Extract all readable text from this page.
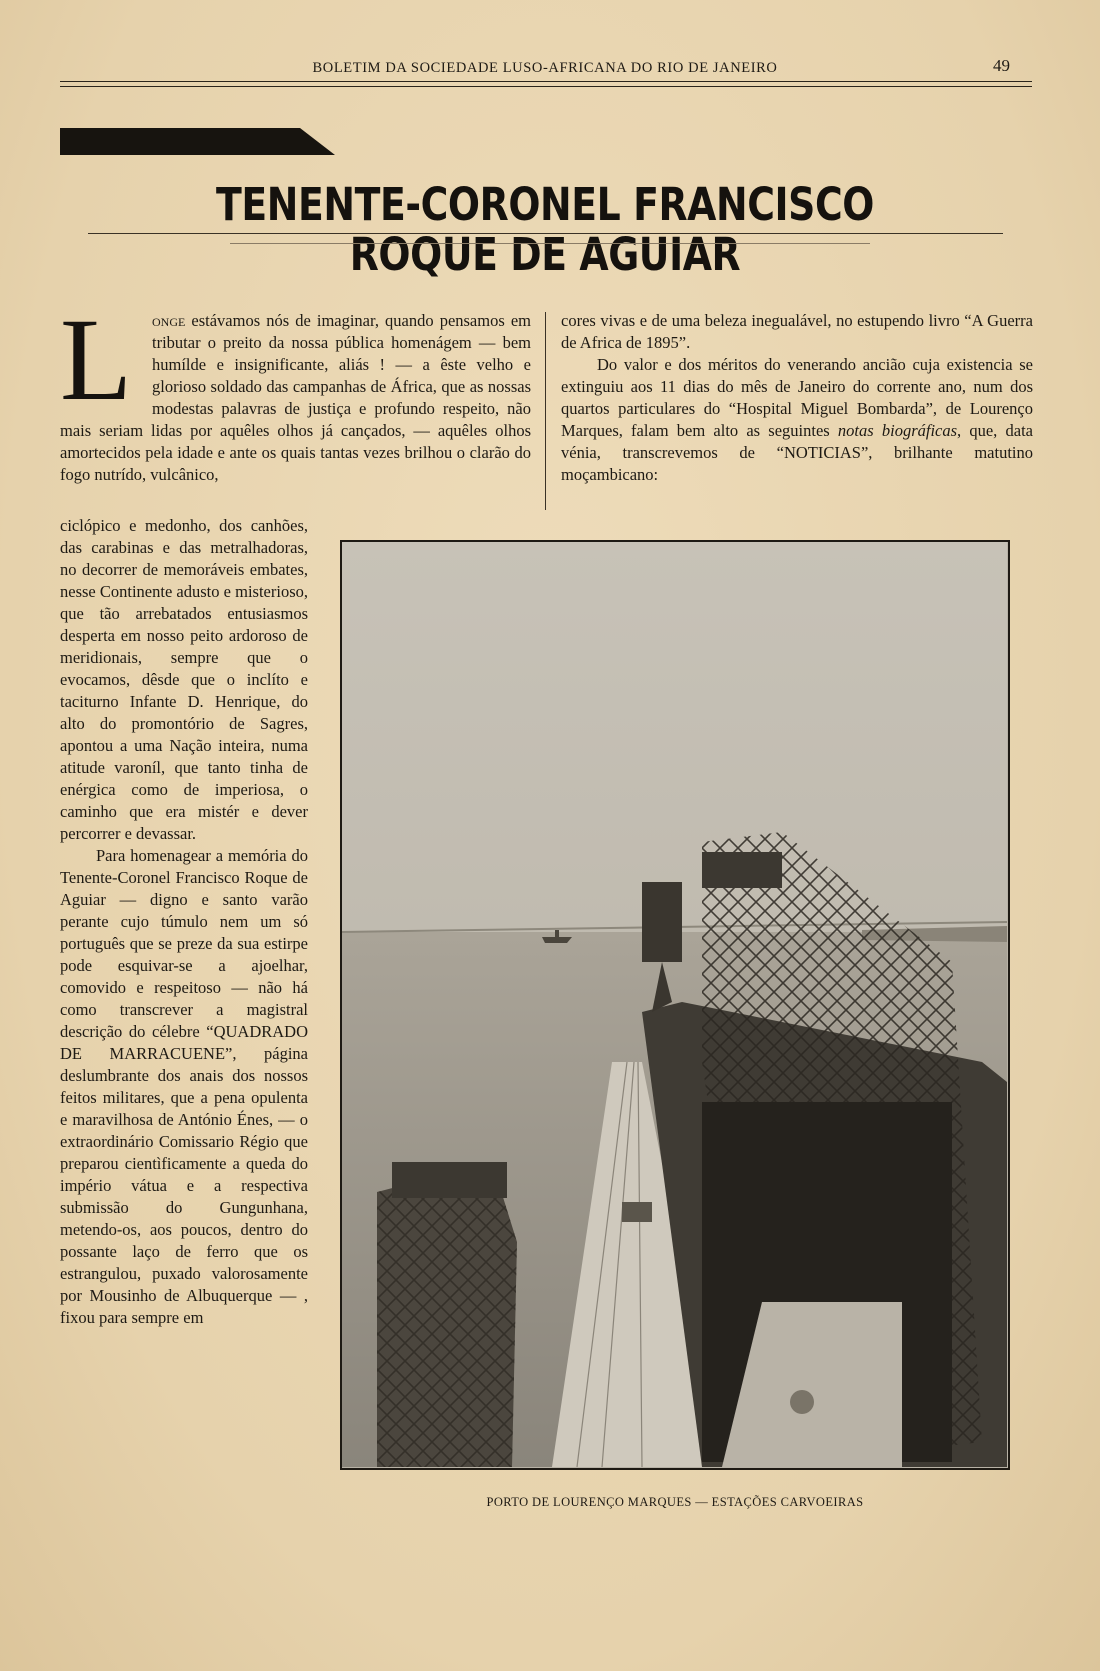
BOLETIM DA SOCIEDADE LUSO-AFRICANA DO RIO DE JANEIRO	49
TENENTE-CORONEL FRANCISCO ROQUE DE AGUIAR
L	onge estávamos nós de imaginar, quando pensamos em tributar o preito da nossa pública homenágem — bem humílde e insignificante, aliás ! — a êste velho e glorioso soldado das campanhas de África, que as nossas modestas palavras de justiça e profundo respeito, não mais seriam lidas por aquêles olhos já cançados, — aquêles olhos amortecidos pela idade e ante os quais tantas vezes brilhou o clarão do fogo nutrído, vulcânico,

cores vivas e de uma beleza inegualável, no estupendo livro “A Guerra de Africa de 1895”.

Do valor e dos méritos do venerando ancião cuja existencia se extinguiu aos 11 dias do mês de Janeiro do corrente ano, num dos quartos particulares do “Hospital Miguel Bombarda”, de Lourenço Marques, falam bem alto as seguintes notas biográficas, que, data vénia, transcrevemos de “NOTICIAS”, brilhante matutino moçambicano:

ciclópico e medonho, dos canhões, das carabinas e das metralhadoras, no decorrer de memoráveis embates, nesse Continente adusto e misterioso, que tão arrebatados entusiasmos desperta em nosso peito ardoroso de meridionais, sempre que o evocamos, dêsde que o inclíto e taciturno Infante D. Henrique, do alto do promontório de Sagres, apontou a uma Nação inteira, numa atitude varoníl, que tanto tinha de enérgica como de imperiosa, o caminho que era mistér e dever percorrer e devassar.

Para homenagear a memória do Tenente-Coronel Francisco Roque de Aguiar — digno e santo varão perante cujo túmulo nem um só português que se preze da sua estirpe pode esquivar-se a ajoelhar, comovido e respeitoso — não há como transcrever a magistral descrição do célebre “QUADRADO DE MARRACUENE”, página deslumbrante dos anais dos nossos feitos militares, que a pena opulenta e maravilhosa de António Énes, — o extraordinário Comissario Régio que preparou cientìficamente a queda do império vátua e a respectiva submissão do Gungunhana, metendo-os, aos poucos, dentro do possante laço de ferro que os estrangulou, puxado valorosamente por Mousinho de Albuquerque — , fixou para sempre em

PORTO DE LOURENÇO MARQUES — ESTAÇÕES CARVOEIRAS
